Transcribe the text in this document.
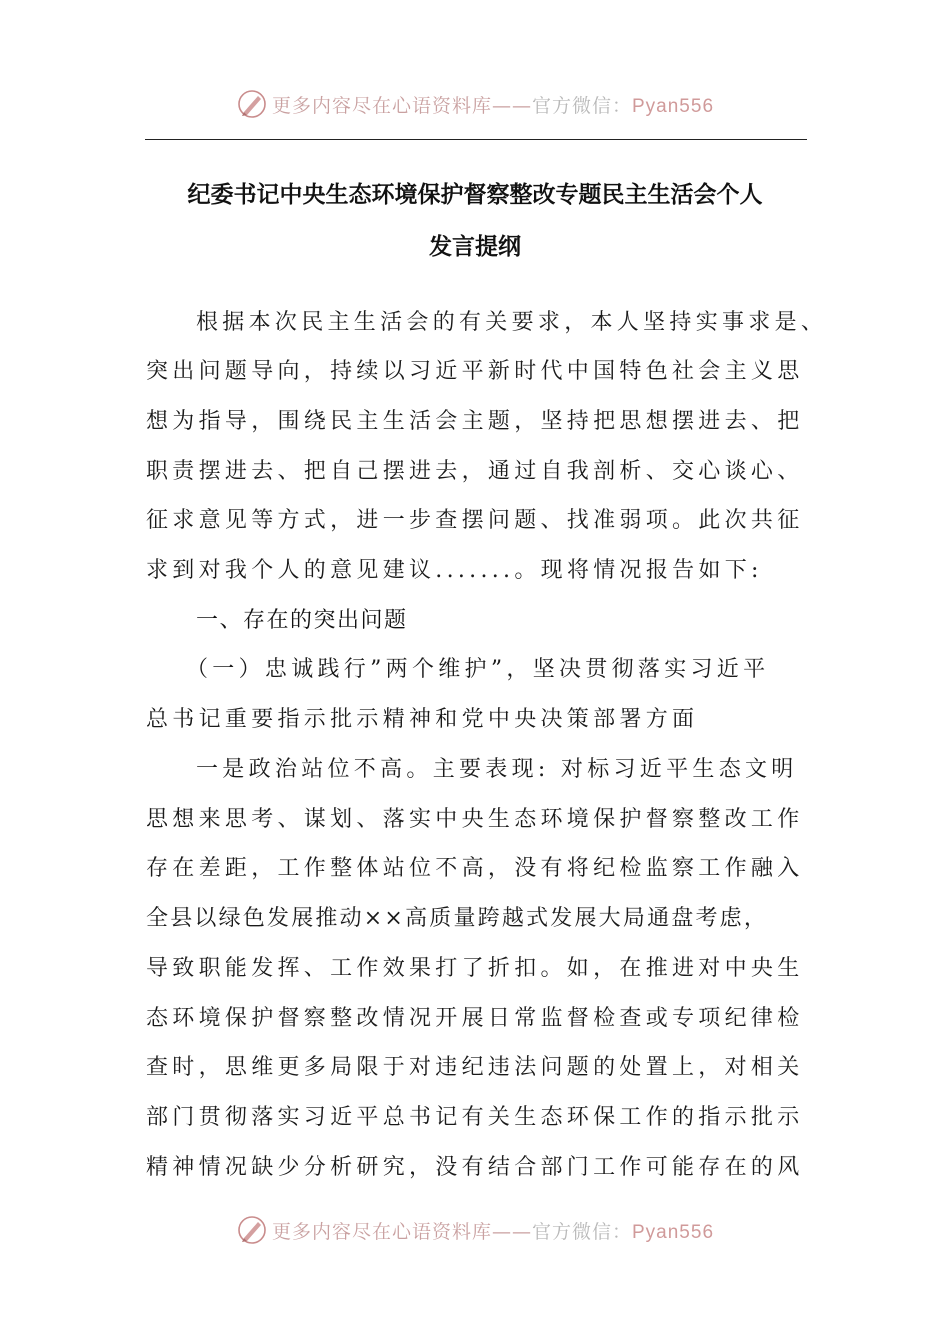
更多内容尽在心语资料库——官方微信：Pyan556
纪委书记中央生态环境保护督察整改专题民主生活会个人
发言提纲
根据本次民主生活会的有关要求，本人坚持实事求是、
突出问题导向，持续以习近平新时代中国特色社会主义思
想为指导，围绕民主生活会主题，坚持把思想摆进去、把
职责摆进去、把自己摆进去，通过自我剖析、交心谈心、
征求意见等方式，进一步查摆问题、找准弱项。此次共征
求到对我个人的意见建议.......。现将情况报告如下:
一、存在的突出问题
（一）忠诚践行”两个维护”，坚决贯彻落实习近平
总书记重要指示批示精神和党中央决策部署方面
一是政治站位不高。主要表现: 对标习近平生态文明
思想来思考、谋划、落实中央生态环境保护督察整改工作
存在差距，工作整体站位不高，没有将纪检监察工作融入
全县以绿色发展推动××高质量跨越式发展大局通盘考虑，
导致职能发挥、工作效果打了折扣。如，在推进对中央生
态环境保护督察整改情况开展日常监督检查或专项纪律检
查时，思维更多局限于对违纪违法问题的处置上，对相关
部门贯彻落实习近平总书记有关生态环保工作的指示批示
精神情况缺少分析研究，没有结合部门工作可能存在的风
更多内容尽在心语资料库——官方微信：Pyan556
